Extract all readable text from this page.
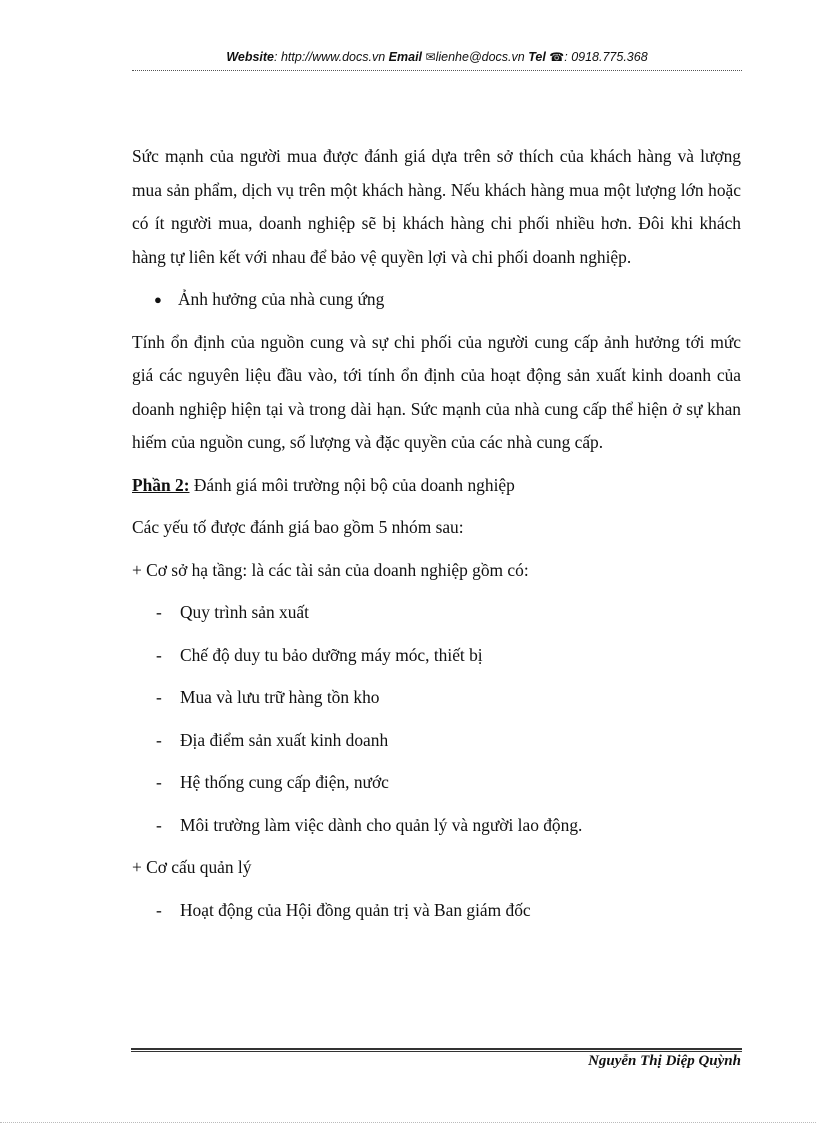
Website: http://www.docs.vn Email ✉lienhe@docs.vn Tel ☎: 0918.775.368

Sức mạnh của người mua được đánh giá dựa trên sở thích của khách hàng và lượng mua sản phẩm, dịch vụ trên một khách hàng. Nếu khách hàng mua một lượng lớn hoặc có ít người mua, doanh nghiệp sẽ bị khách hàng chi phối nhiều hơn. Đôi khi khách hàng tự liên kết với nhau để bảo vệ quyền lợi và chi phối doanh nghiệp.

● Ảnh hưởng của nhà cung ứng

Tính ổn định của nguồn cung và sự chi phối của người cung cấp ảnh hưởng tới mức giá các nguyên liệu đầu vào, tới tính ổn định của hoạt động sản xuất kinh doanh của doanh nghiệp hiện tại và trong dài hạn. Sức mạnh của nhà cung cấp thể hiện ở sự khan hiếm của nguồn cung, số lượng và đặc quyền của các nhà cung cấp.

Phần 2: Đánh giá môi trường nội bộ của doanh nghiệp

Các yếu tố được đánh giá bao gồm 5 nhóm sau:

+ Cơ sở hạ tầng: là các tài sản của doanh nghiệp gồm có:

-	Quy trình sản xuất
-	Chế độ duy tu bảo dưỡng máy móc, thiết bị
-	Mua và lưu trữ hàng tồn kho
-	Địa điểm sản xuất kinh doanh
-	Hệ thống cung cấp điện, nước
-	Môi trường làm việc dành cho quản lý và người lao động.

+ Cơ cấu quản lý

-	Hoạt động của Hội đồng quản trị và Ban giám đốc
Nguyễn Thị Diệp Quỳnh
